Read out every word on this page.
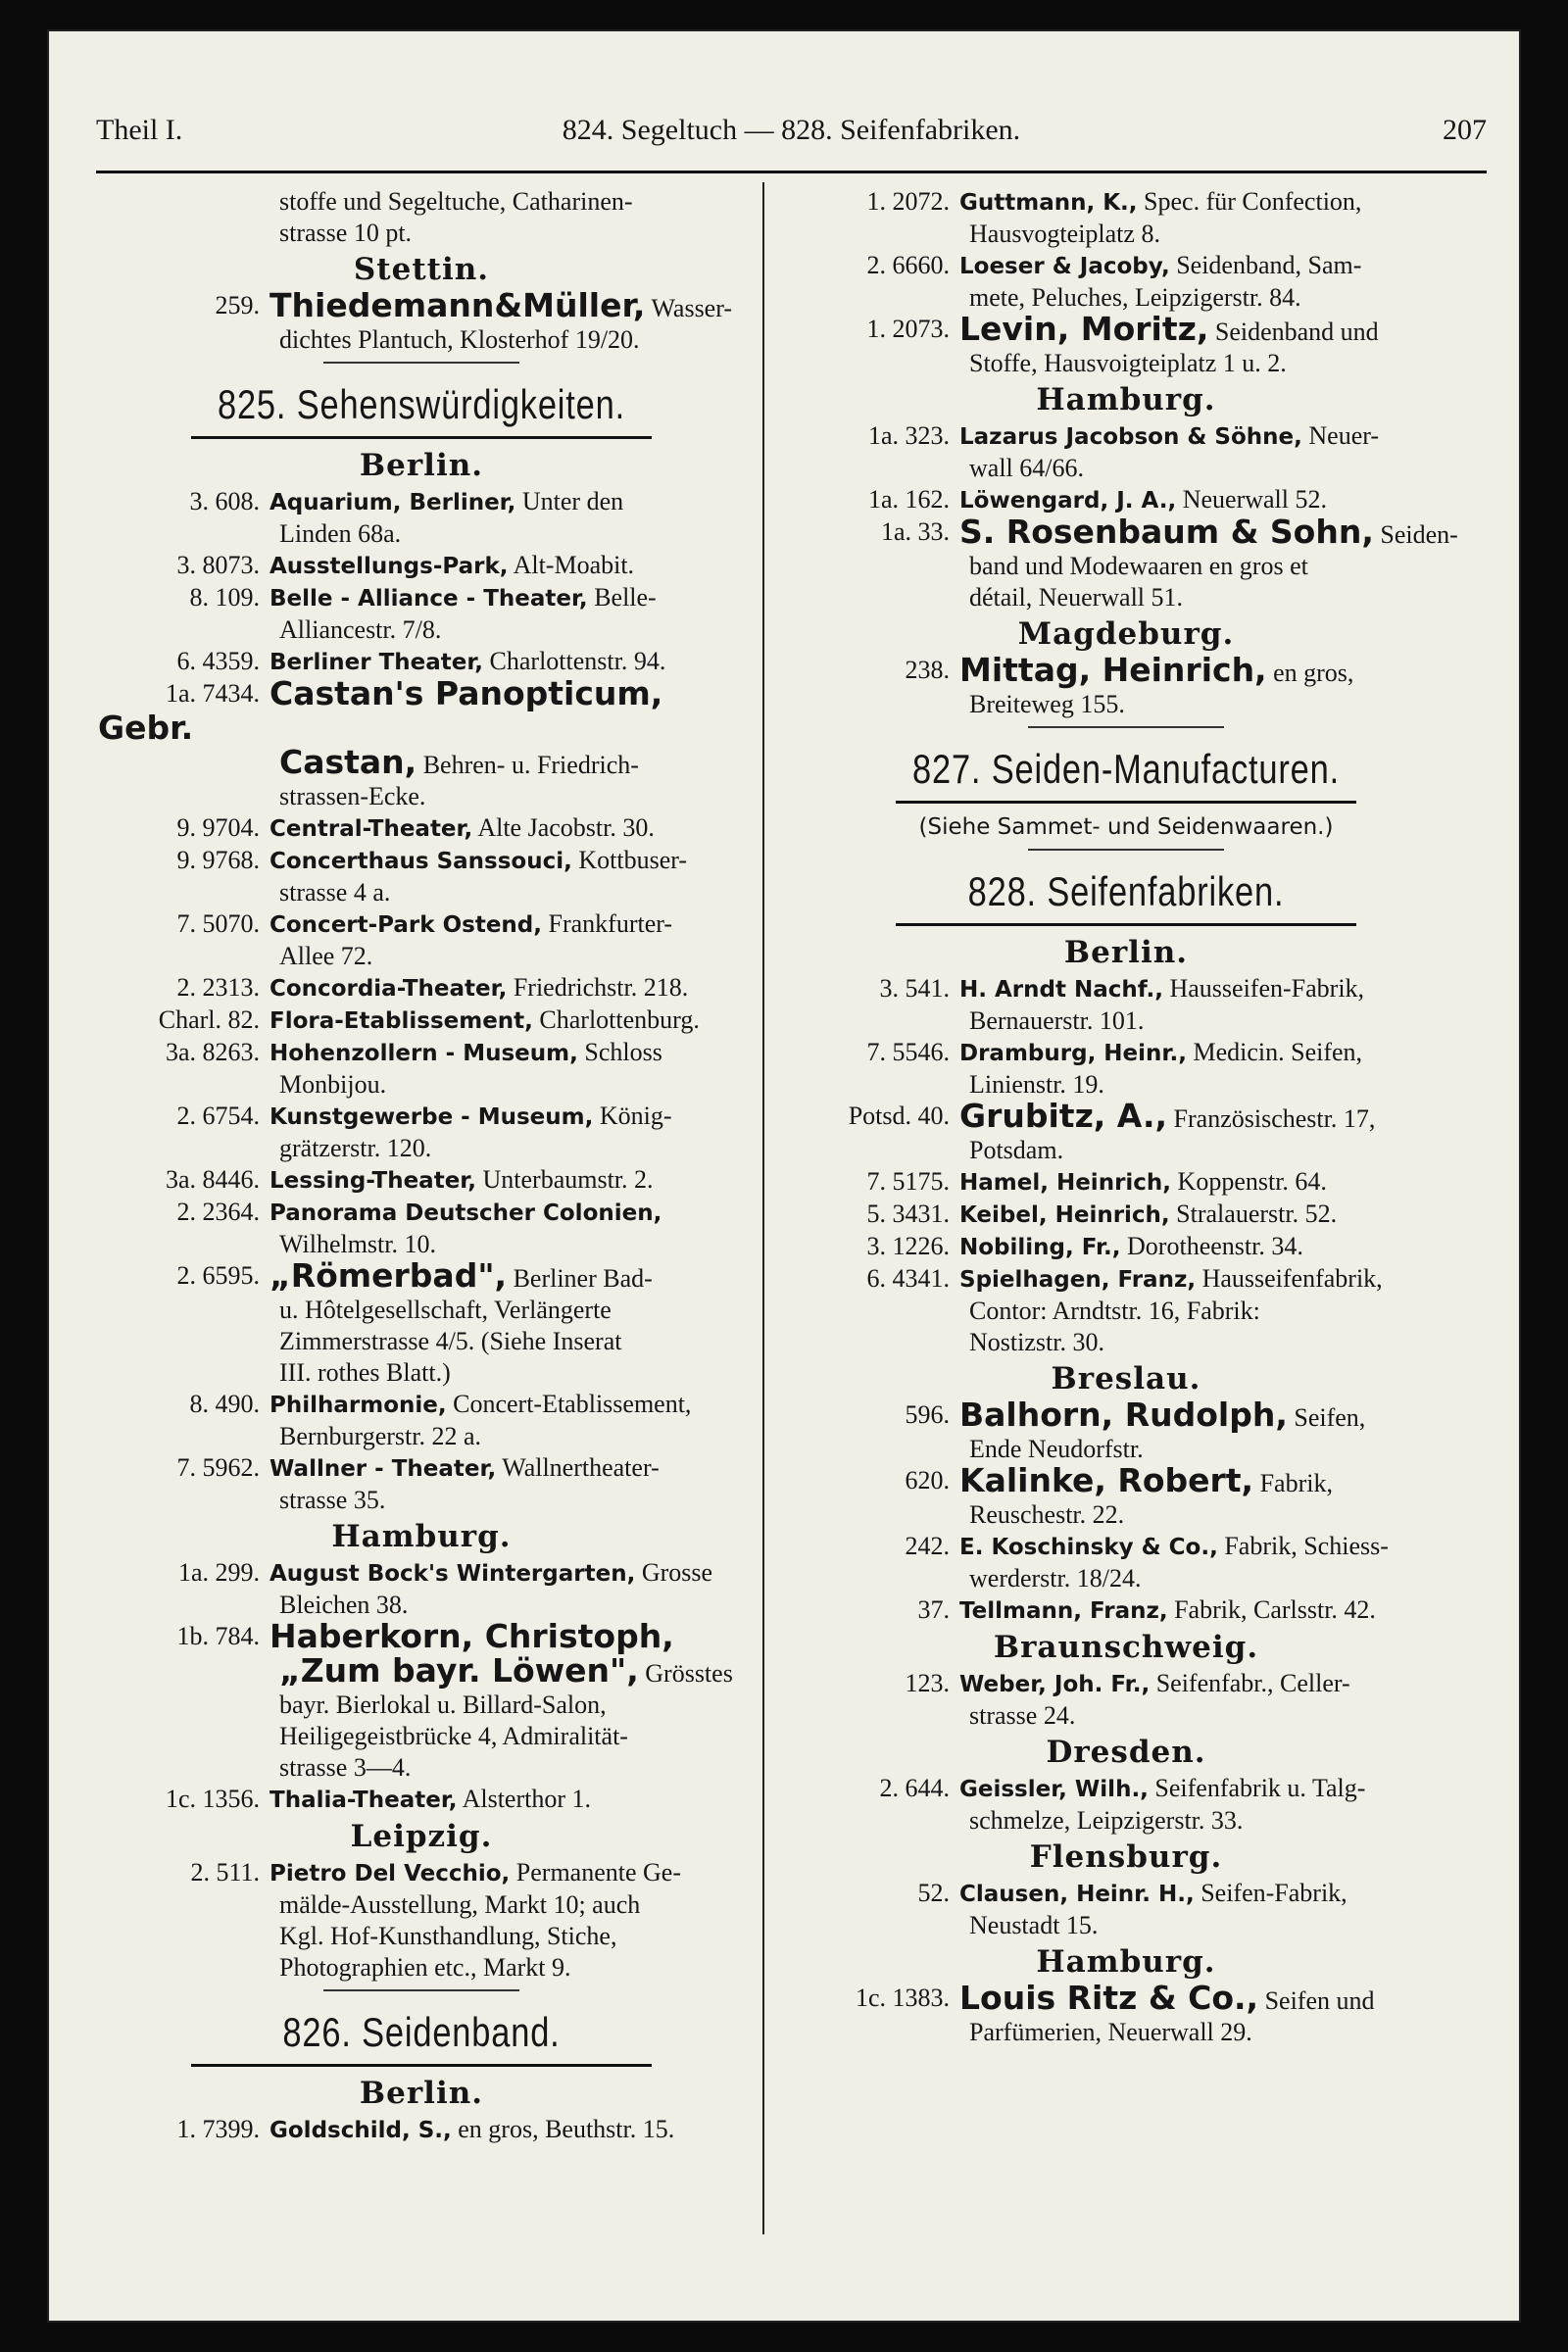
Theil I.	824. Segeltuch — 828. Seifenfabriken.	207
stoffe und Segeltuche, Catharinen-
strasse 10 pt.
Stettin.
259. Thiedemann&Müller, Wasser-
dichtes Plantuch, Klosterhof 19/20.
825. Sehenswürdigkeiten.
Berlin.
3. 608. Aquarium, Berliner, Unter den
Linden 68a.
3. 8073. Ausstellungs-Park, Alt-Moabit.
8. 109. Belle - Alliance - Theater, Belle-
Alliancestr. 7/8.
6. 4359. Berliner Theater, Charlottenstr. 94.
1a. 7434. Castan's Panopticum, Gebr.
Castan, Behren- u. Friedrich-
strassen-Ecke.
9. 9704. Central-Theater, Alte Jacobstr. 30.
9. 9768. Concerthaus Sanssouci, Kottbuser-
strasse 4 a.
7. 5070. Concert-Park Ostend, Frankfurter-
Allee 72.
2. 2313. Concordia-Theater, Friedrichstr. 218.
Charl. 82. Flora-Etablissement, Charlottenburg.
3a. 8263. Hohenzollern - Museum, Schloss
Monbijou.
2. 6754. Kunstgewerbe - Museum, König-
grätzerstr. 120.
3a. 8446. Lessing-Theater, Unterbaumstr. 2.
2. 2364. Panorama Deutscher Colonien,
Wilhelmstr. 10.
2. 6595. „Römerbad", Berliner Bad-
u. Hôtelgesellschaft, Verlängerte
Zimmerstrasse 4/5. (Siehe Inserat
III. rothes Blatt.)
8. 490. Philharmonie, Concert-Etablissement,
Bernburgerstr. 22 a.
7. 5962. Wallner - Theater, Wallnertheater-
strasse 35.
Hamburg.
1a. 299. August Bock's Wintergarten, Grosse
Bleichen 38.
1b. 784. Haberkorn, Christoph,
„Zum bayr. Löwen", Grösstes
bayr. Bierlokal u. Billard-Salon,
Heiligegeistbrücke 4, Admiralität-
strasse 3—4.
1c. 1356. Thalia-Theater, Alsterthor 1.
Leipzig.
2. 511. Pietro Del Vecchio, Permanente Ge-
mälde-Ausstellung, Markt 10; auch
Kgl. Hof-Kunsthandlung, Stiche,
Photographien etc., Markt 9.
826. Seidenband.
Berlin.
1. 7399. Goldschild, S., en gros, Beuthstr. 15.
1. 2072. Guttmann, K., Spec. für Confection,
Hausvogteiplatz 8.
2. 6660. Loeser & Jacoby, Seidenband, Sam-
mete, Peluches, Leipzigerstr. 84.
1. 2073. Levin, Moritz, Seidenband und
Stoffe, Hausvoigteiplatz 1 u. 2.
Hamburg.
1a. 323. Lazarus Jacobson & Söhne, Neuer-
wall 64/66.
1a. 162. Löwengard, J. A., Neuerwall 52.
1a. 33. S. Rosenbaum & Sohn, Seiden-
band und Modewaaren en gros et
détail, Neuerwall 51.
Magdeburg.
238. Mittag, Heinrich, en gros,
Breiteweg 155.
827. Seiden-Manufacturen.
(Siehe Sammet- und Seidenwaaren.)
828. Seifenfabriken.
Berlin.
3. 541. H. Arndt Nachf., Hausseifen-Fabrik,
Bernauerstr. 101.
7. 5546. Dramburg, Heinr., Medicin. Seifen,
Linienstr. 19.
Potsd. 40. Grubitz, A., Französischestr. 17,
Potsdam.
7. 5175. Hamel, Heinrich, Koppenstr. 64.
5. 3431. Keibel, Heinrich, Stralauerstr. 52.
3. 1226. Nobiling, Fr., Dorotheenstr. 34.
6. 4341. Spielhagen, Franz, Hausseifenfabrik,
Contor: Arndtstr. 16, Fabrik:
Nostizstr. 30.
Breslau.
596. Balhorn, Rudolph, Seifen,
Ende Neudorfstr.
620. Kalinke, Robert, Fabrik,
Reuschestr. 22.
242. E. Koschinsky & Co., Fabrik, Schiess-
werderstr. 18/24.
37. Tellmann, Franz, Fabrik, Carlsstr. 42.
Braunschweig.
123. Weber, Joh. Fr., Seifenfabr., Celler-
strasse 24.
Dresden.
2. 644. Geissler, Wilh., Seifenfabrik u. Talg-
schmelze, Leipzigerstr. 33.
Flensburg.
52. Clausen, Heinr. H., Seifen-Fabrik,
Neustadt 15.
Hamburg.
1c. 1383. Louis Ritz & Co., Seifen und
Parfümerien, Neuerwall 29.
